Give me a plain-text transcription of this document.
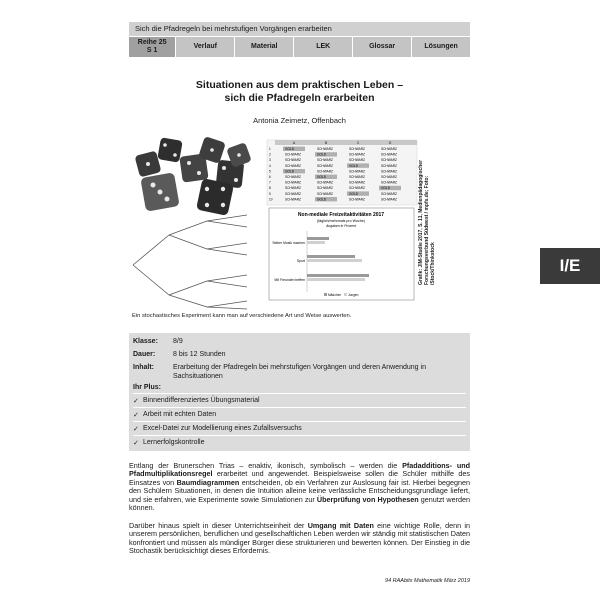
Sich die Pfadregeln bei mehrstufigen Vorgängen erarbeiten
Reihe 25
S 1
Verlauf	Material	LEK	Glossar	Lösungen
Situationen aus dem praktischen Leben –
sich die Pfadregeln erarbeiten
Antonia Zeimetz, Offenbach
A	B	C	D
1	GOLD	SCHWARZ	SCHWARZ	SCHWARZ
2	SCHWARZ	GOLD	SCHWARZ	SCHWARZ
3	SCHWARZ	SCHWARZ	SCHWARZ	SCHWARZ
4	SCHWARZ	SCHWARZ	GOLD	SCHWARZ
5	GOLD	SCHWARZ	SCHWARZ	SCHWARZ
6	SCHWARZ	GOLD	SCHWARZ	SCHWARZ
7	SCHWARZ	SCHWARZ	SCHWARZ	SCHWARZ
8	SCHWARZ	SCHWARZ	SCHWARZ	GOLD
9	SCHWARZ	SCHWARZ	GOLD	SCHWARZ
10	SCHWARZ	GOLD	SCHWARZ	SCHWARZ
Non-mediale Freizeitaktivitäten 2017
(täglich/mehrmals pro Woche)
Angaben in Prozent
Selber Musik machen
Sport
Mit Freunden treffen
Mädchen Jungen
Grafik: JIM-Studie 2017, S. 11, Medienpädagogischer Forschungsverbund Südwest / mpfs.de; Foto: iStock/Thinkstock
Ein stochastisches Experiment kann man auf verschiedene Art und Weise auswerten.
I/E
Klasse:	8/9
Dauer:	8 bis 12 Stunden
Inhalt:	Erarbeitung der Pfadregeln bei mehrstufigen Vorgängen und deren Anwendung in Sachsituationen
Ihr Plus:
✓ Binnendifferenziertes Übungsmaterial
✓ Arbeit mit echten Daten
✓ Excel-Datei zur Modellierung eines Zufallsversuchs
✓ Lernerfolgskontrolle
Entlang der Brunerschen Trias – enaktiv, ikonisch, symbolisch – werden die Pfadadditions- und Pfadmultiplikationsregel erarbeitet und angewendet. Beispielsweise sollen die Schüler mithilfe des Einsatzes von Baumdiagrammen entscheiden, ob ein Verfahren zur Auslosung fair ist. Hierbei begegnen den Schülern Situationen, in denen die Intuition alleine keine verlässliche Entscheidungsgrundlage liefert, und sie erfahren, wie Experimente sowie Simulationen zur Überprüfung von Hypothesen genutzt werden können.
Darüber hinaus spielt in dieser Unterrichtseinheit der Umgang mit Daten eine wichtige Rolle, denn in unserem persönlichen, beruflichen und gesellschaftlichen Leben werden wir ständig mit statistischen Daten konfrontiert und müssen als mündiger Bürger diese strukturieren und bewerten können. Der Einstieg in die Stochastik berücksichtigt dieses Erfordernis.
94 RAAbits Mathematik März 2019
